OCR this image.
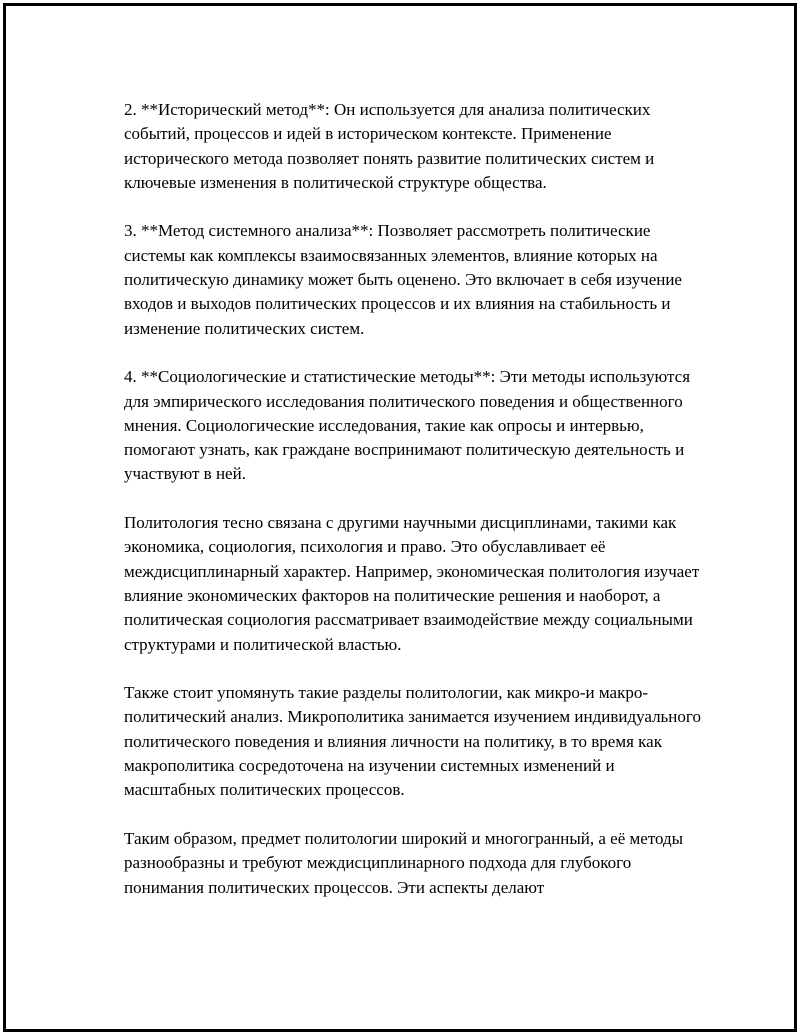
2. **Исторический метод**: Он используется для анализа политических событий, процессов и идей в историческом контексте. Применение исторического метода позволяет понять развитие политических систем и ключевые изменения в политической структуре общества.

3. **Метод системного анализа**: Позволяет рассмотреть политические системы как комплексы взаимосвязанных элементов, влияние которых на политическую динамику может быть оценено. Это включает в себя изучение входов и выходов политических процессов и их влияния на стабильность и изменение политических систем.

4. **Социологические и статистические методы**: Эти методы используются для эмпирического исследования политического поведения и общественного мнения. Социологические исследования, такие как опросы и интервью, помогают узнать, как граждане воспринимают политическую деятельность и участвуют в ней.

Политология тесно связана с другими научными дисциплинами, такими как экономика, социология, психология и право. Это обуславливает её междисциплинарный характер. Например, экономическая политология изучает влияние экономических факторов на политические решения и наоборот, а политическая социология рассматривает взаимодействие между социальными структурами и политической властью.

Также стоит упомянуть такие разделы политологии, как микро-и макро-политический анализ. Микрополитика занимается изучением индивидуального политического поведения и влияния личности на политику, в то время как макрополитика сосредоточена на изучении системных изменений и масштабных политических процессов.

Таким образом, предмет политологии широкий и многогранный, а её методы разнообразны и требуют междисциплинарного подхода для глубокого понимания политических процессов. Эти аспекты делают
